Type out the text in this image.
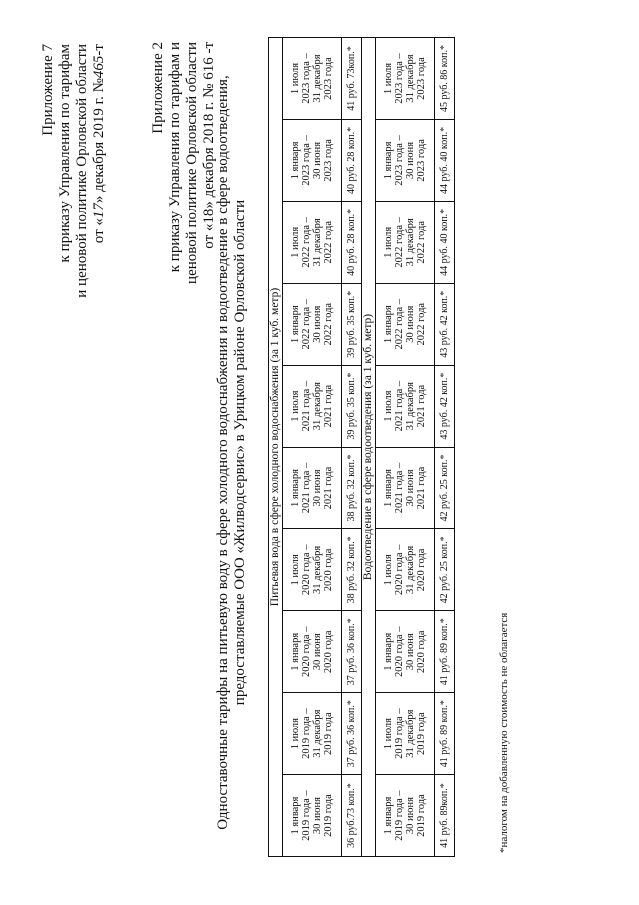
Приложение 7 к приказу Управления по тарифам и ценовой политике Орловской области от «17» декабря 2019 г. №465-т	Приложение 2 к приказу Управления по тарифам и ценовой политике Орловской области от «18» декабря 2018 г. № 616 -т
Одноставочные тарифы на питьевую воду в сфере холодного водоснабжения и водоотведение в сфере водоотведения, предоставляемые ООО «Жилводсервис» в Урицком районе Орловской области Питьевая вода в сфере холодного водоснабжения (за 1 куб. метр)									

1 января 2019 года – 30 июня 2019 года	1 июля 2019 года – 31 декабря 2019 года	1 января 2020 года – 30 июня 2020 года	1 июля 2020 года – 31 декабря 2020 года	1 января 2021 года – 30 июня 2021 года	1 июля 2021 года – 31 декабря 2021 года	1 января 2022 года – 30 июня 2022 года	1 июля 2022 года – 31 декабря 2022 года	1 января 2023 года – 30 июня 2023 года	1 июля 2023 года – 31 декабря 2023 года

36 руб.73 коп.*	37 руб. 36 коп.*	37 руб. 36 коп.*	38 руб. 32 коп.*	38 руб. 32 коп.*	39 руб. 35 коп.*	39 руб. 35 коп.*	40 руб. 28 коп.*	40 руб. 28 коп.*	41 руб. 73коп.*
Водоотведение в сфере водоотведения (за 1 куб. метр)									

1 января 2019 года – 30 июня 2019 года	1 июля 2019 года – 31 декабря 2019 года	1 января 2020 года – 30 июня 2020 года	1 июля 2020 года – 31 декабря 2020 года	1 января 2021 года – 30 июня 2021 года	1 июля 2021 года – 31 декабря 2021 года	1 января 2022 года – 30 июня 2022 года	1 июля 2022 года – 31 декабря 2022 года	1 января 2023 года – 30 июня 2023 года	1 июля 2023 года – 31 декабря 2023 года

41 руб. 89коп.*	41 руб. 89 коп.*	41 руб. 89 коп.*	42 руб. 25 коп.*	42 руб. 25 коп.*	43 руб. 42 коп.*	43 руб. 42 коп.*	44 руб. 40 коп.*	44 руб. 40 коп.*	45 руб. 86 коп.*
*налогом на добавленную стоимость не облагается
